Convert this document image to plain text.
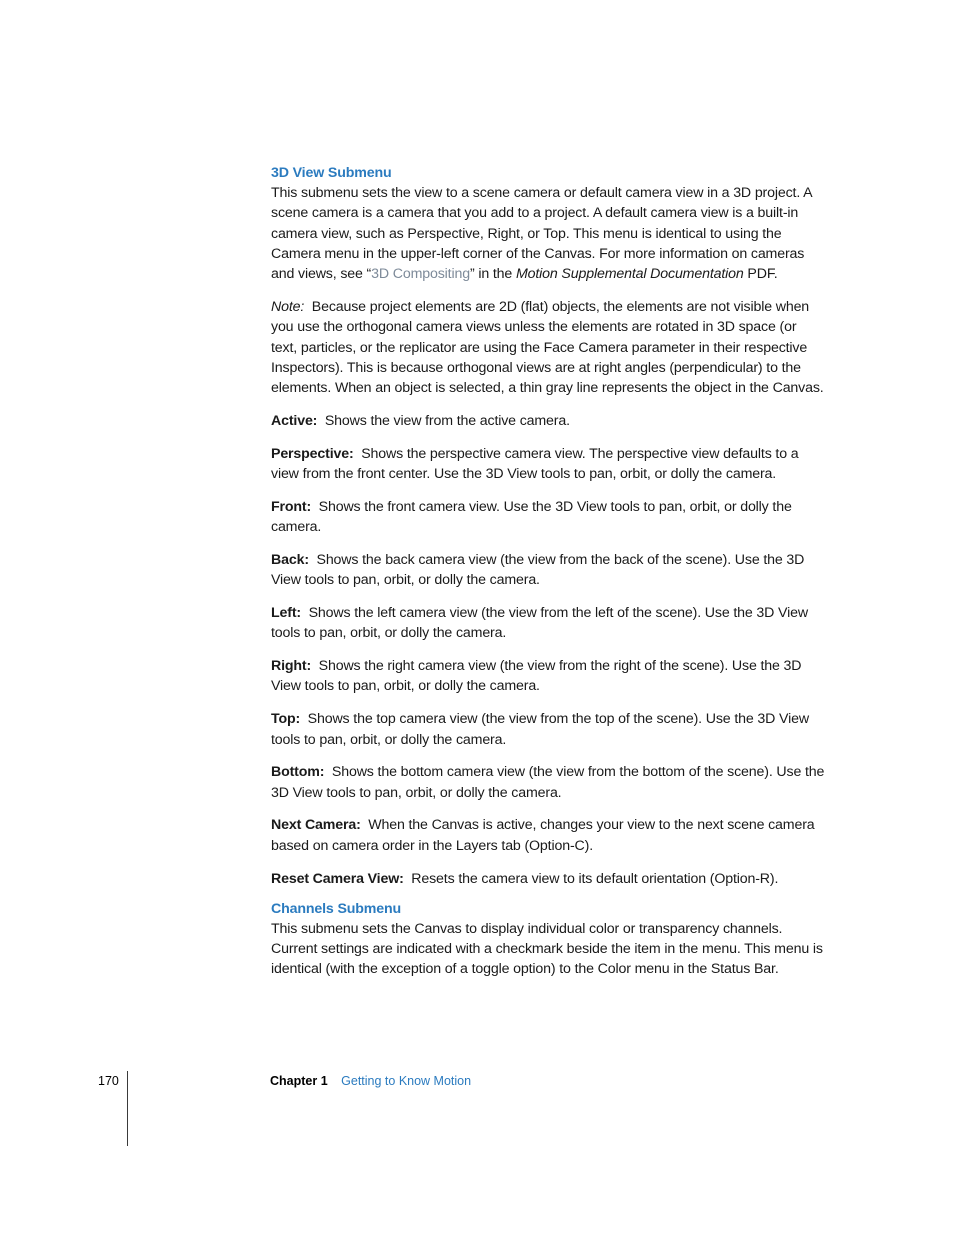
3D View Submenu

This submenu sets the view to a scene camera or default camera view in a 3D project. A scene camera is a camera that you add to a project. A default camera view is a built-in camera view, such as Perspective, Right, or Top. This menu is identical to using the Camera menu in the upper-left corner of the Canvas. For more information on cameras and views, see “3D Compositing” in the Motion Supplemental Documentation PDF.

Note: Because project elements are 2D (flat) objects, the elements are not visible when you use the orthogonal camera views unless the elements are rotated in 3D space (or text, particles, or the replicator are using the Face Camera parameter in their respective Inspectors). This is because orthogonal views are at right angles (perpendicular) to the elements. When an object is selected, a thin gray line represents the object in the Canvas.

Active: Shows the view from the active camera.

Perspective: Shows the perspective camera view. The perspective view defaults to a view from the front center. Use the 3D View tools to pan, orbit, or dolly the camera.

Front: Shows the front camera view. Use the 3D View tools to pan, orbit, or dolly the camera.

Back: Shows the back camera view (the view from the back of the scene). Use the 3D View tools to pan, orbit, or dolly the camera.

Left: Shows the left camera view (the view from the left of the scene). Use the 3D View tools to pan, orbit, or dolly the camera.

Right: Shows the right camera view (the view from the right of the scene). Use the 3D View tools to pan, orbit, or dolly the camera.

Top: Shows the top camera view (the view from the top of the scene). Use the 3D View tools to pan, orbit, or dolly the camera.

Bottom: Shows the bottom camera view (the view from the bottom of the scene). Use the 3D View tools to pan, orbit, or dolly the camera.

Next Camera: When the Canvas is active, changes your view to the next scene camera based on camera order in the Layers tab (Option-C).

Reset Camera View: Resets the camera view to its default orientation (Option-R).

Channels Submenu

This submenu sets the Canvas to display individual color or transparency channels. Current settings are indicated with a checkmark beside the item in the menu. This menu is identical (with the exception of a toggle option) to the Color menu in the Status Bar.

170	Chapter 1 Getting to Know Motion
